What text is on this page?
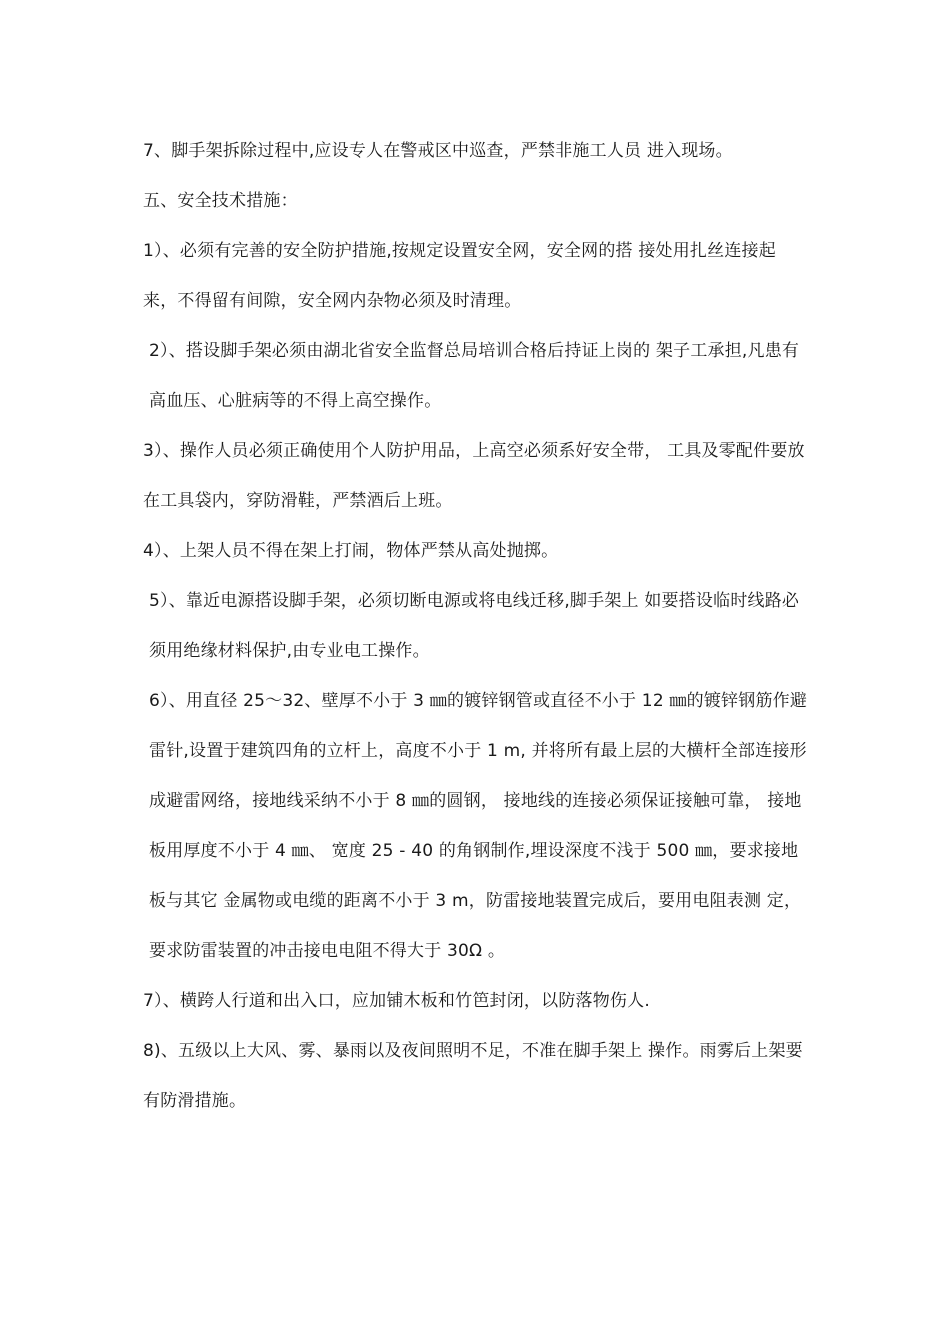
7、脚手架拆除过程中,应设专人在警戒区中巡查，严禁非施工人员 进入现场。

五、安全技术措施：

1）、必须有完善的安全防护措施,按规定设置安全网，安全网的搭 接处用扎丝连接起来，不得留有间隙，安全网内杂物必须及时清理。

2）、搭设脚手架必须由湖北省安全监督总局培训合格后持证上岗的 架子工承担,凡患有高血压、心脏病等的不得上高空操作。

3）、操作人员必须正确使用个人防护用品，上高空必须系好安全带， 工具及零配件要放在工具袋内，穿防滑鞋，严禁酒后上班。

4）、上架人员不得在架上打闹，物体严禁从高处抛掷。

5）、靠近电源搭设脚手架，必须切断电源或将电线迁移,脚手架上 如要搭设临时线路必须用绝缘材料保护,由专业电工操作。

6）、用直径 25～32、壁厚不小于 3 ㎜的镀锌钢管或直径不小于 12 ㎜的镀锌钢筋作避雷针,设置于建筑四角的立杆上，高度不小于 1 m, 并将所有最上层的大横杆全部连接形成避雷网络，接地线采纳不小于 8 ㎜的圆钢， 接地线的连接必须保证接触可靠， 接地板用厚度不小于 4 ㎜、 宽度 25 - 40 的角钢制作,埋设深度不浅于 500 ㎜，要求接地板与其它 金属物或电缆的距离不小于 3 m，防雷接地装置完成后，要用电阻表测 定，要求防雷装置的冲击接电电阻不得大于 30Ω 。

7）、横跨人行道和出入口，应加铺木板和竹笆封闭，以防落物伤人.

8)、五级以上大风、雾、暴雨以及夜间照明不足，不准在脚手架上 操作。雨雾后上架要有防滑措施。
